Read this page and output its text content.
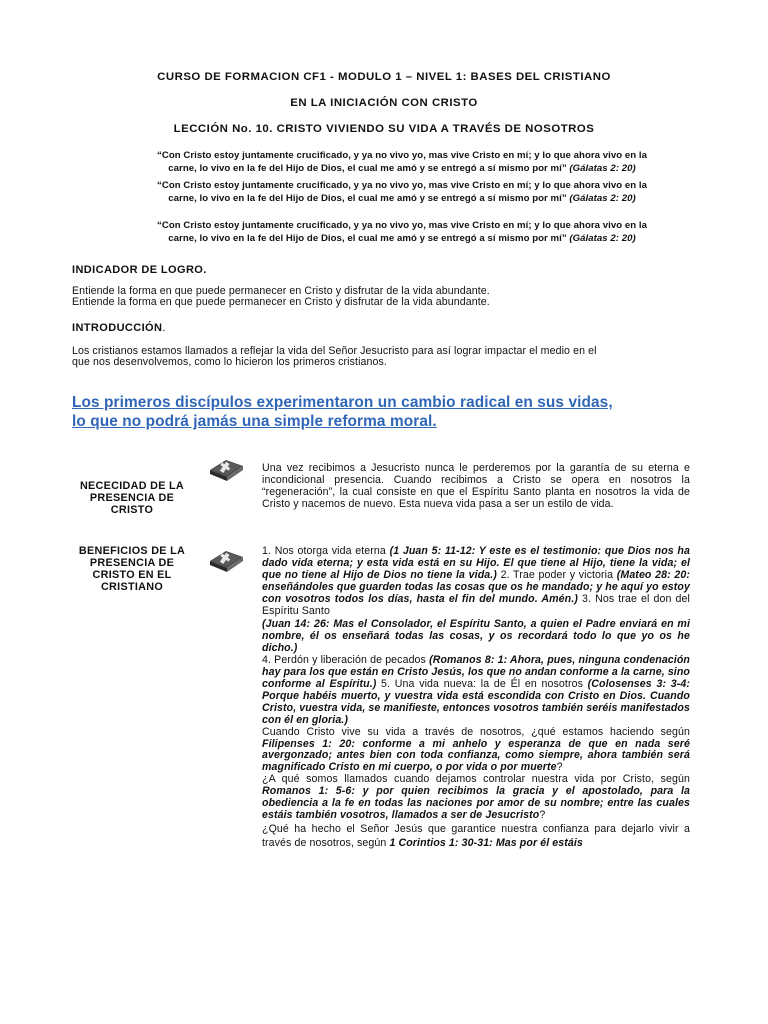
CURSO DE FORMACION CF1 - MODULO 1 – NIVEL 1: BASES DEL CRISTIANO
EN LA INICIACIÓN CON CRISTO
LECCIÓN No. 10. CRISTO VIVIENDO SU VIDA A TRAVÉS DE NOSOTROS
“Con Cristo estoy juntamente crucificado, y ya no vivo yo, mas vive Cristo en mí; y lo que ahora vivo en la
carne, lo vivo en la fe del Hijo de Dios, el cual me amó y se entregó a sí mismo por mí” (Gálatas 2: 20)
“Con Cristo estoy juntamente crucificado, y ya no vivo yo, mas vive Cristo en mí; y lo que ahora vivo en la
carne, lo vivo en la fe del Hijo de Dios, el cual me amó y se entregó a sí mismo por mí” (Gálatas 2: 20)
“Con Cristo estoy juntamente crucificado, y ya no vivo yo, mas vive Cristo en mí; y lo que ahora vivo en la
carne, lo vivo en la fe del Hijo de Dios, el cual me amó y se entregó a sí mismo por mí” (Gálatas 2: 20)
INDICADOR DE LOGRO.
Entiende la forma en que puede permanecer en Cristo y disfrutar de la vida abundante.
Entiende la forma en que puede permanecer en Cristo y disfrutar de la vida abundante.
INTRODUCCIÓN.
Los cristianos estamos llamados a reflejar la vida del Señor Jesucristo para así lograr impactar el medio en el
que nos desenvolvemos, como lo hicieron los primeros cristianos.
Los primeros discípulos experimentaron un cambio radical en sus vidas,
lo que no podrá jamás una simple reforma moral.
NECECIDAD DE LA
PRESENCIA DE
CRISTO
Una vez recibimos a Jesucristo nunca le perderemos por la garantía de su eterna e incondicional presencia. Cuando recibimos a Cristo se opera en nosotros la “regeneración”, la cual consiste en que el Espíritu Santo planta en nosotros la vida de Cristo y nacemos de nuevo. Esta nueva vida pasa a ser un estilo de vida.
BENEFICIOS DE LA
PRESENCIA DE
CRISTO EN EL
CRISTIANO
1. Nos otorga vida eterna (1 Juan 5: 11-12: Y este es el testimonio: que Dios nos ha dado vida eterna; y esta vida está en su Hijo. El que tiene al Hijo, tiene la vida; el que no tiene al Hijo de Dios no tiene la vida.) 2. Trae poder y victoria (Mateo 28: 20: enseñándoles que guarden todas las cosas que os he mandado; y he aquí yo estoy con vosotros todos los días, hasta el fin del mundo. Amén.) 3. Nos trae el don del Espíritu Santo
(Juan 14: 26: Mas el Consolador, el Espíritu Santo, a quien el Padre enviará en mi nombre, él os enseñará todas las cosas, y os recordará todo lo que yo os he dicho.)
4. Perdón y liberación de pecados (Romanos 8: 1: Ahora, pues, ninguna condenación hay para los que están en Cristo Jesús, los que no andan conforme a la carne, sino conforme al Espíritu.) 5. Una vida nueva: la de Él en nosotros (Colosenses 3: 3-4: Porque habéis muerto, y vuestra vida está escondida con Cristo en Dios. Cuando Cristo, vuestra vida, se manifieste, entonces vosotros también seréis manifestados con él en gloria.)
Cuando Cristo vive su vida a través de nosotros, ¿qué estamos haciendo según Filipenses 1: 20: conforme a mi anhelo y esperanza de que en nada seré avergonzado; antes bien con toda confianza, como siempre, ahora también será magnificado Cristo en mi cuerpo, o por vida o por muerte?
¿A qué somos llamados cuando dejamos controlar nuestra vida por Cristo, según Romanos 1: 5-6: y por quien recibimos la gracia y el apostolado, para la obediencia a la fe en todas las naciones por amor de su nombre; entre las cuales estáis también vosotros, llamados a ser de Jesucristo?
¿Qué ha hecho el Señor Jesús que garantice nuestra confianza para dejarlo vivir a través de nosotros, según 1 Corintios 1: 30-31: Mas por él estáis
